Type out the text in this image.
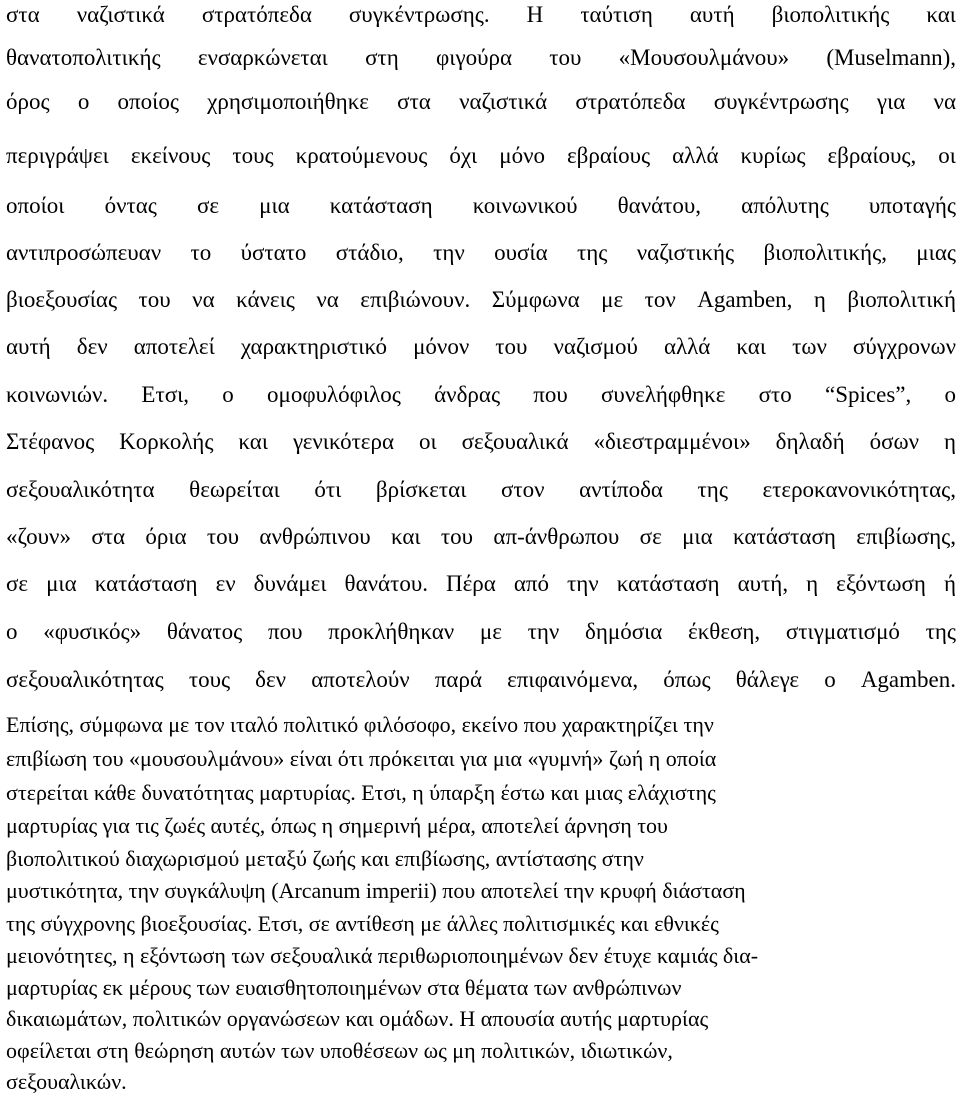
στα ναζιστικά στρατόπεδα συγκέντρωσης. Η ταύτιση αυτή βιοπολιτικής και
θανατοπολιτικής ενσαρκώνεται στη φιγούρα του «Μουσουλμάνου» (Muselmann),
όρος ο οποίος χρησιμοποιήθηκε στα ναζιστικά στρατόπεδα συγκέντρωσης για να
περιγράψει εκείνους τους κρατούμενους όχι μόνο εβραίους αλλά κυρίως εβραίους, οι
οποίοι όντας σε μια κατάσταση κοινωνικού θανάτου, απόλυτης υποταγής
αντιπροσώπευαν το ύστατο στάδιο, την ουσία της ναζιστικής βιοπολιτικής, μιας
βιοεξουσίας του να κάνεις να επιβιώνουν. Σύμφωνα με τον Agamben, η βιοπολιτική
αυτή δεν αποτελεί χαρακτηριστικό μόνον του ναζισμού αλλά και των σύγχρονων
κοινωνιών. Ετσι, ο ομοφυλόφιλος άνδρας που συνελήφθηκε στο “Spices”, ο
Στέφανος Κορκολής και γενικότερα οι σεξουαλικά «διεστραμμένοι» δηλαδή όσων η
σεξουαλικότητα θεωρείται ότι βρίσκεται στον αντίποδα της ετεροκανονικότητας,
«ζουν» στα όρια του ανθρώπινου και του απ-άνθρωπου σε μια κατάσταση επιβίωσης,
σε μια κατάσταση εν δυνάμει θανάτου. Πέρα από την κατάσταση αυτή, η εξόντωση ή
ο «φυσικός» θάνατος που προκλήθηκαν με την δημόσια έκθεση, στιγματισμό της
σεξουαλικότητας τους δεν αποτελούν παρά επιφαινόμενα, όπως θάλεγε ο Agamben.
Επίσης, σύμφωνα με τον ιταλό πολιτικό φιλόσοφο, εκείνο που χαρακτηρίζει την
επιβίωση του «μουσουλμάνου» είναι ότι πρόκειται για μια «γυμνή» ζωή η οποία
στερείται κάθε δυνατότητας μαρτυρίας. Ετσι, η ύπαρξη έστω και μιας ελάχιστης
μαρτυρίας για τις ζωές αυτές, όπως η σημερινή μέρα, αποτελεί άρνηση του
βιοπολιτικού διαχωρισμού μεταξύ ζωής και επιβίωσης, αντίστασης στην
μυστικότητα, την συγκάλυψη (Arcanum imperii) που αποτελεί την κρυφή διάσταση
της σύγχρονης βιοεξουσίας. Ετσι, σε αντίθεση με άλλες πολιτισμικές και εθνικές
μειονότητες, η εξόντωση των σεξουαλικά περιθωριοποιημένων δεν έτυχε καμιάς δια-
μαρτυρίας εκ μέρους των ευαισθητοποιημένων στα θέματα των ανθρώπινων
δικαιωμάτων, πολιτικών οργανώσεων και ομάδων. Η απουσία αυτής μαρτυρίας
οφείλεται στη θεώρηση αυτών των υποθέσεων ως μη πολιτικών, ιδιωτικών,
σεξουαλικών.
